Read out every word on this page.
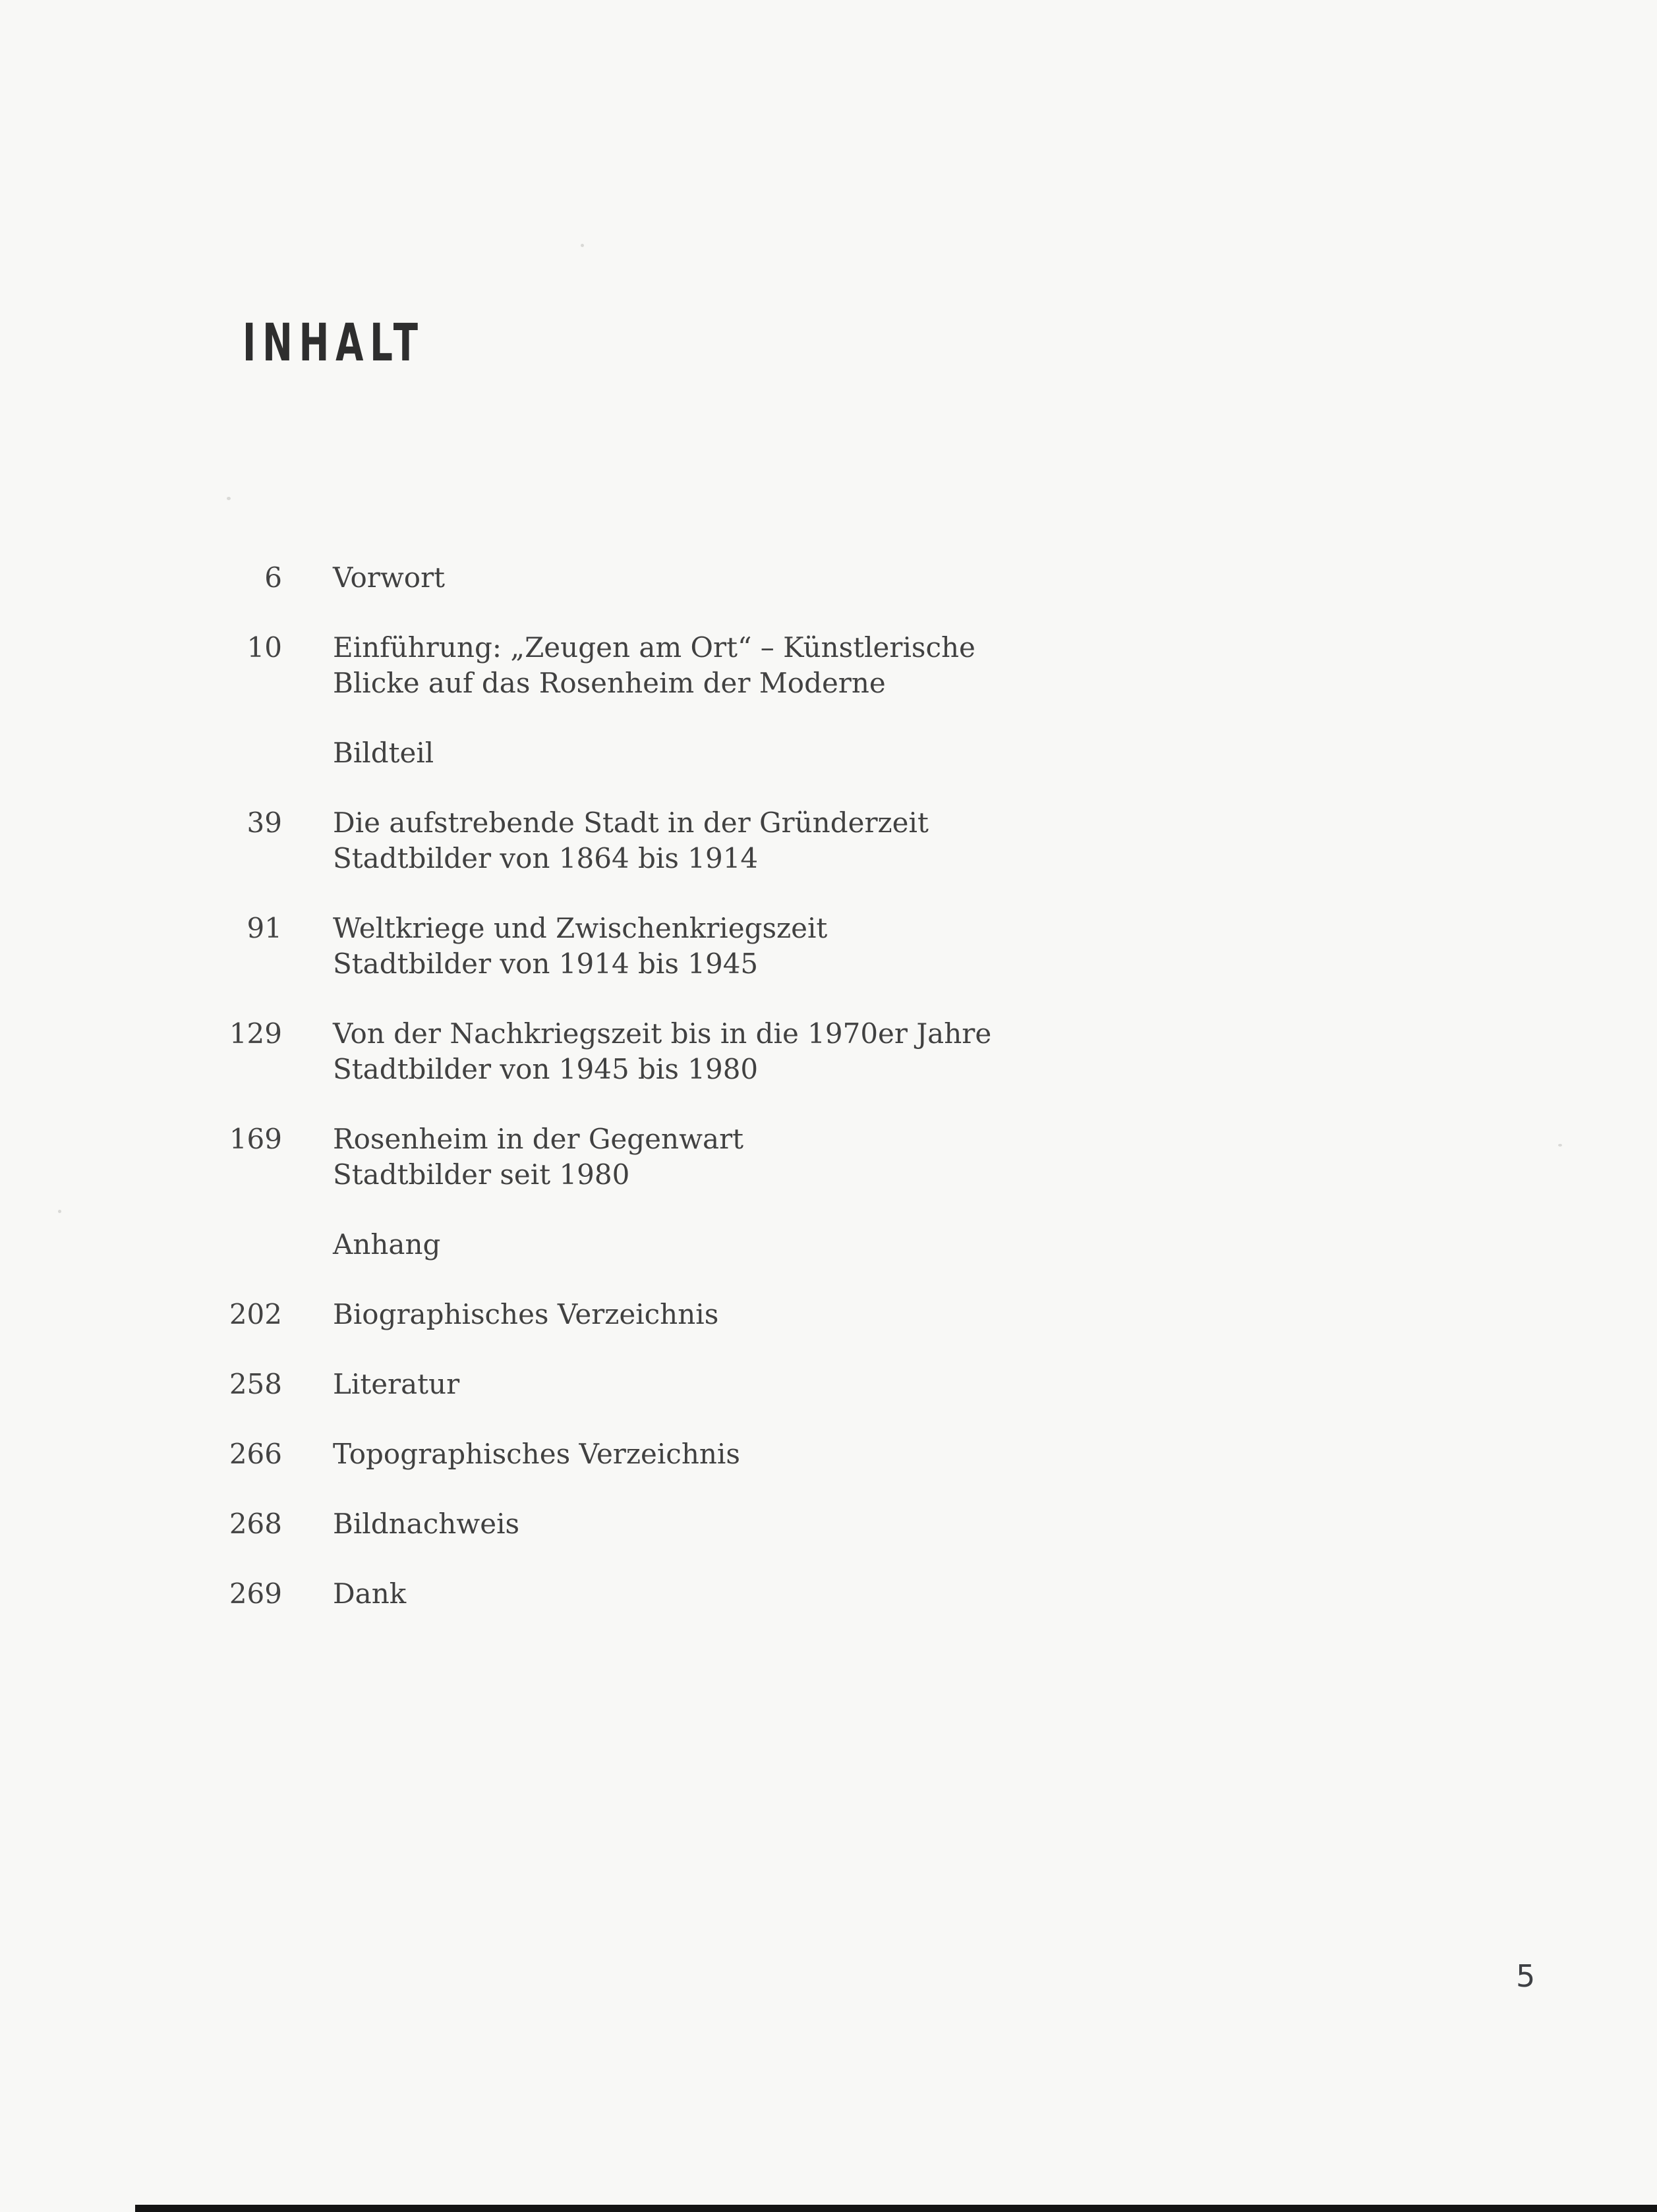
INHALT
6 Vorwort
10 Einführung: „Zeugen am Ort“ – Künstlerische
Blicke auf das Rosenheim der Moderne
Bildteil
39 Die aufstrebende Stadt in der Gründerzeit
Stadtbilder von 1864 bis 1914
91 Weltkriege und Zwischenkriegszeit
Stadtbilder von 1914 bis 1945
129 Von der Nachkriegszeit bis in die 1970er Jahre
Stadtbilder von 1945 bis 1980
169 Rosenheim in der Gegenwart
Stadtbilder seit 1980
Anhang
202 Biographisches Verzeichnis
258 Literatur
266 Topographisches Verzeichnis
268 Bildnachweis
269 Dank
5
